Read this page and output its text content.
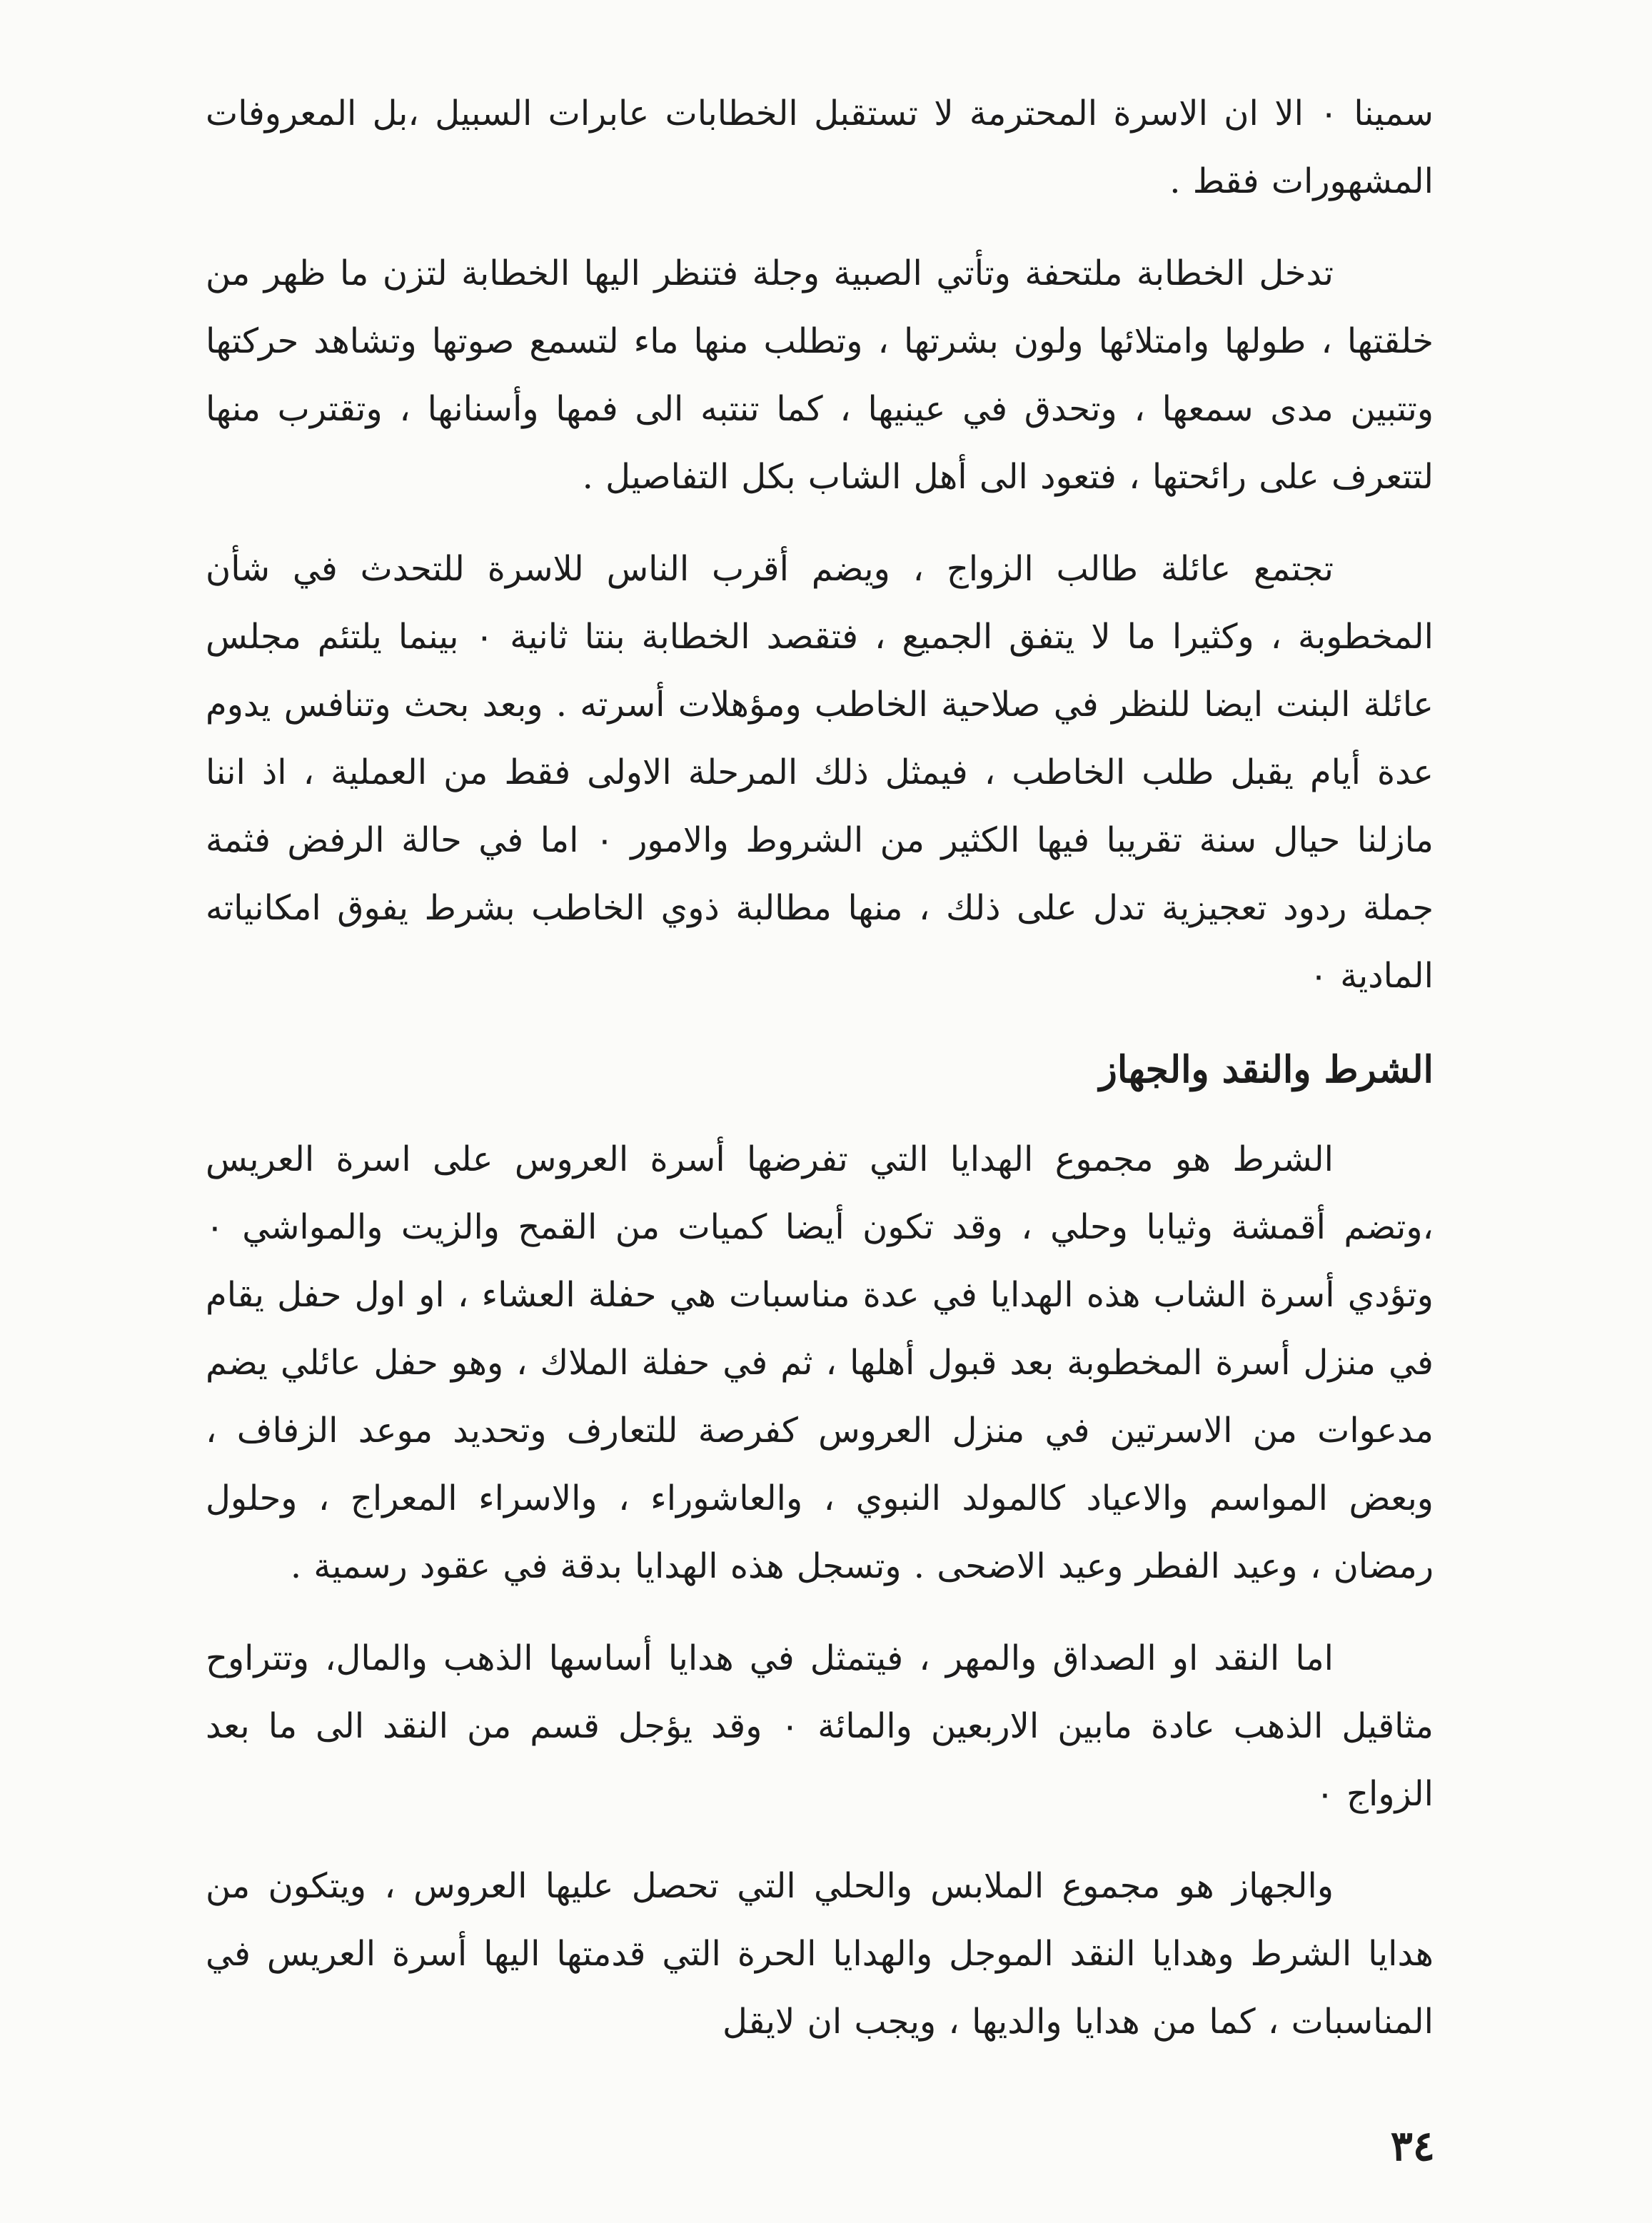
سمينا ٠ الا ان الاسرة المحترمة لا تستقبل الخطابات عابرات السبيل ،بل المعروفات المشهورات فقط .

تدخل الخطابة ملتحفة وتأتي الصبية وجلة فتنظر اليها الخطابة لتزن ما ظهر من خلقتها ، طولها وامتلائها ولون بشرتها ، وتطلب منها ماء لتسمع صوتها وتشاهد حركتها وتتبين مدى سمعها ، وتحدق في عينيها ، كما تنتبه الى فمها وأسنانها ، وتقترب منها لتتعرف على رائحتها ، فتعود الى أهل الشاب بكل التفاصيل .

تجتمع عائلة طالب الزواج ، ويضم أقرب الناس للاسرة للتحدث في شأن المخطوبة ، وكثيرا ما لا يتفق الجميع ، فتقصد الخطابة بنتا ثانية ٠ بينما يلتئم مجلس عائلة البنت ايضا للنظر في صلاحية الخاطب ومؤهلات أسرته . وبعد بحث وتنافس يدوم عدة أيام يقبل طلب الخاطب ، فيمثل ذلك المرحلة الاولى فقط من العملية ، اذ اننا مازلنا حيال سنة تقريبا فيها الكثير من الشروط والامور ٠ اما في حالة الرفض فثمة جملة ردود تعجيزية تدل على ذلك ، منها مطالبة ذوي الخاطب بشرط يفوق امكانياته المادية ٠

الشرط والنقد والجهاز

الشرط هو مجموع الهدايا التي تفرضها أسرة العروس على اسرة العريس ،وتضم أقمشة وثيابا وحلي ، وقد تكون أيضا كميات من القمح والزيت والمواشي ٠ وتؤدي أسرة الشاب هذه الهدايا في عدة مناسبات هي حفلة العشاء ، او اول حفل يقام في منزل أسرة المخطوبة بعد قبول أهلها ، ثم في حفلة الملاك ، وهو حفل عائلي يضم مدعوات من الاسرتين في منزل العروس كفرصة للتعارف وتحديد موعد الزفاف ، وبعض المواسم والاعياد كالمولد النبوي ، والعاشوراء ، والاسراء المعراج ، وحلول رمضان ، وعيد الفطر وعيد الاضحى . وتسجل هذه الهدايا بدقة في عقود رسمية .

اما النقد او الصداق والمهر ، فيتمثل في هدايا أساسها الذهب والمال، وتتراوح مثاقيل الذهب عادة مابين الاربعين والمائة ٠ وقد يؤجل قسم من النقد الى ما بعد الزواج ٠

والجهاز هو مجموع الملابس والحلي التي تحصل عليها العروس ، ويتكون من هدايا الشرط وهدايا النقد الموجل والهدايا الحرة التي قدمتها اليها أسرة العريس في المناسبات ، كما من هدايا والديها ، ويجب ان لايقل

٣٤
